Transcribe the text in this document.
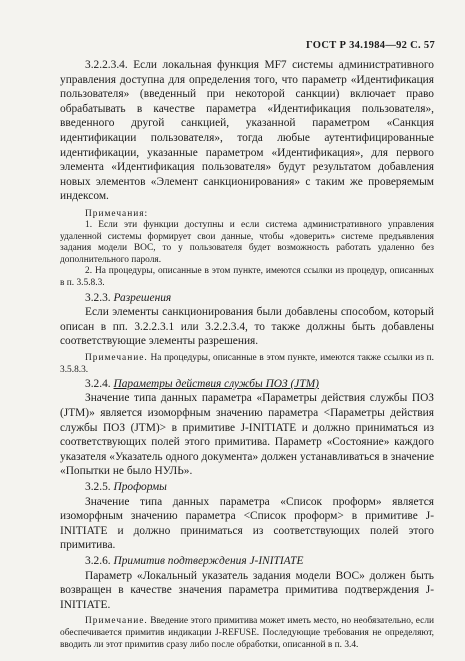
ГОСТ Р 34.1984—92 С. 57

3.2.2.3.4. Если локальная функция MF7 системы административного управления доступна для определения того, что параметр «Идентификация пользователя» (введенный при некоторой санкции) включает право обрабатывать в качестве параметра «Идентификация пользователя», введенного другой санкцией, указанной параметром «Санкция идентификации пользователя», тогда любые аутентифицированные идентификации, указанные параметром «Идентификация», для первого элемента «Идентификация пользователя» будут результатом добавления новых элементов «Элемент санкционирования» с таким же проверяемым индексом.

Примечания:

1. Если эти функции доступны и если система административного управления удаленной системы формирует свои данные, чтобы «доверить» системе предъявления задания модели ВОС, то у пользователя будет возможность работать удаленно без дополнительного пароля.

2. На процедуры, описанные в этом пункте, имеются ссылки из процедур, описанных в п. 3.5.8.3.

3.2.3. Разрешения

Если элементы санкционирования были добавлены способом, который описан в пп. 3.2.2.3.1 или 3.2.2.3.4, то также должны быть добавлены соответствующие элементы разрешения.

Примечание. На процедуры, описанные в этом пункте, имеются также ссылки из п. 3.5.8.3.

3.2.4. Параметры действия службы ПОЗ (JTM)

Значение типа данных параметра «Параметры действия службы ПОЗ (JTM)» является изоморфным значению параметра <Параметры действия службы ПОЗ (JTM)> в примитиве J-INITIATE и должно приниматься из соответствующих полей этого примитива. Параметр «Состояние» каждого указателя «Указатель одного документа» должен устанавливаться в значение «Попытки не было НУЛЬ».

3.2.5. Проформы

Значение типа данных параметра «Список проформ» является изоморфным значению параметра <Список проформ> в примитиве J-INITIATE и должно приниматься из соответствующих полей этого примитива.

3.2.6. Примитив подтверждения J-INITIATE

Параметр «Локальный указатель задания модели ВОС» должен быть возвращен в качестве значения параметра примитива подтверждения J-INITIATE.

Примечание. Введение этого примитива может иметь место, но необязательно, если обеспечивается примитив индикации J-REFUSE. Последующие требования не определяют, вводить ли этот примитив сразу либо после обработки, описанной в п. 3.4.
